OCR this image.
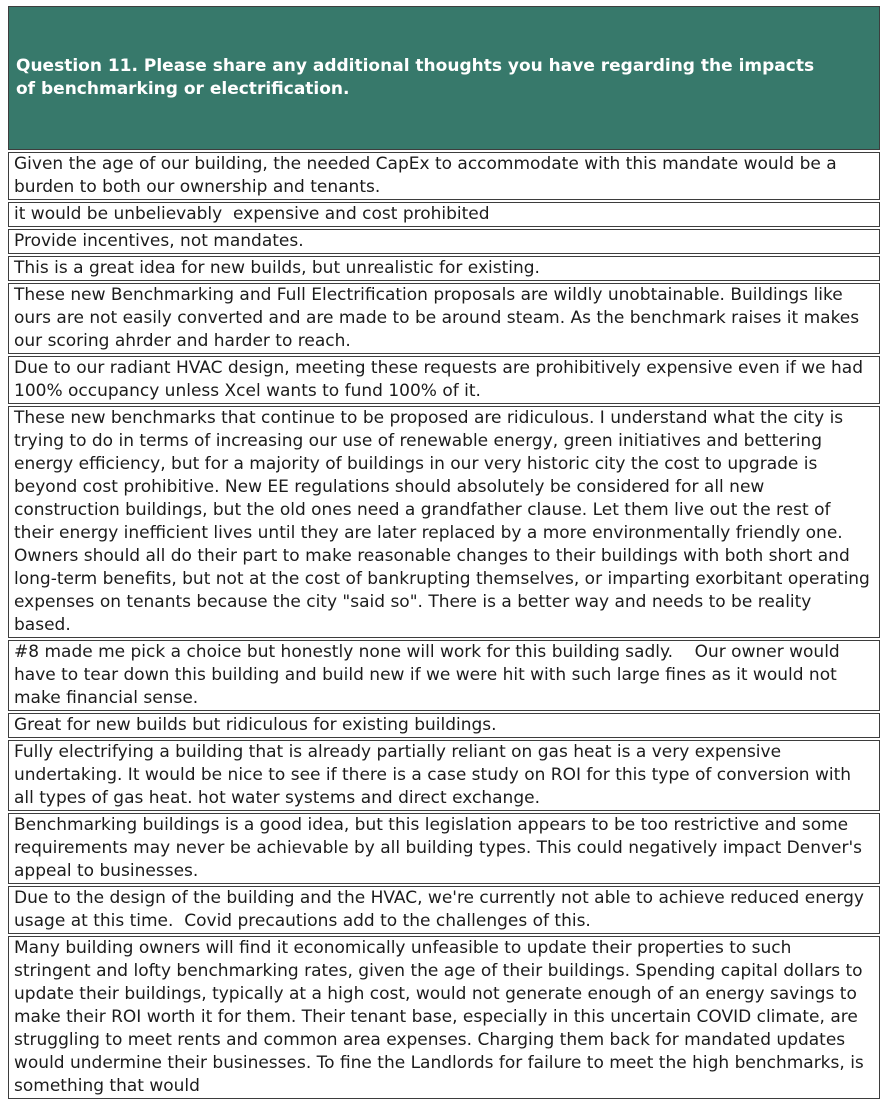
Question 11. Please share any additional thoughts you have regarding the impacts of benchmarking or electrification.

Given the age of our building, the needed CapEx to accommodate with this mandate would be a burden to both our ownership and tenants.
it would be unbelievably  expensive and cost prohibited
Provide incentives, not mandates.
This is a great idea for new builds, but unrealistic for existing.
These new Benchmarking and Full Electrification proposals are wildly unobtainable. Buildings like ours are not easily converted and are made to be around steam. As the benchmark raises it makes our scoring ahrder and harder to reach.
Due to our radiant HVAC design, meeting these requests are prohibitively expensive even if we had 100% occupancy unless Xcel wants to fund 100% of it.
These new benchmarks that continue to be proposed are ridiculous. I understand what the city is trying to do in terms of increasing our use of renewable energy, green initiatives and bettering energy efficiency, but for a majority of buildings in our very historic city the cost to upgrade is beyond cost prohibitive. New EE regulations should absolutely be considered for all new construction buildings, but the old ones need a grandfather clause. Let them live out the rest of their energy inefficient lives until they are later replaced by a more environmentally friendly one. Owners should all do their part to make reasonable changes to their buildings with both short and long-term benefits, but not at the cost of bankrupting themselves, or imparting exorbitant operating expenses on tenants because the city "said so". There is a better way and needs to be reality based.
#8 made me pick a choice but honestly none will work for this building sadly.    Our owner would have to tear down this building and build new if we were hit with such large fines as it would not make financial sense.
Great for new builds but ridiculous for existing buildings.
Fully electrifying a building that is already partially reliant on gas heat is a very expensive undertaking. It would be nice to see if there is a case study on ROI for this type of conversion with all types of gas heat. hot water systems and direct exchange.
Benchmarking buildings is a good idea, but this legislation appears to be too restrictive and some requirements may never be achievable by all building types. This could negatively impact Denver's appeal to businesses.
Due to the design of the building and the HVAC, we're currently not able to achieve reduced energy usage at this time.  Covid precautions add to the challenges of this.
Many building owners will find it economically unfeasible to update their properties to such stringent and lofty benchmarking rates, given the age of their buildings. Spending capital dollars to update their buildings, typically at a high cost, would not generate enough of an energy savings to make their ROI worth it for them. Their tenant base, especially in this uncertain COVID climate, are struggling to meet rents and common area expenses. Charging them back for mandated updates would undermine their businesses. To fine the Landlords for failure to meet the high benchmarks, is something that would
